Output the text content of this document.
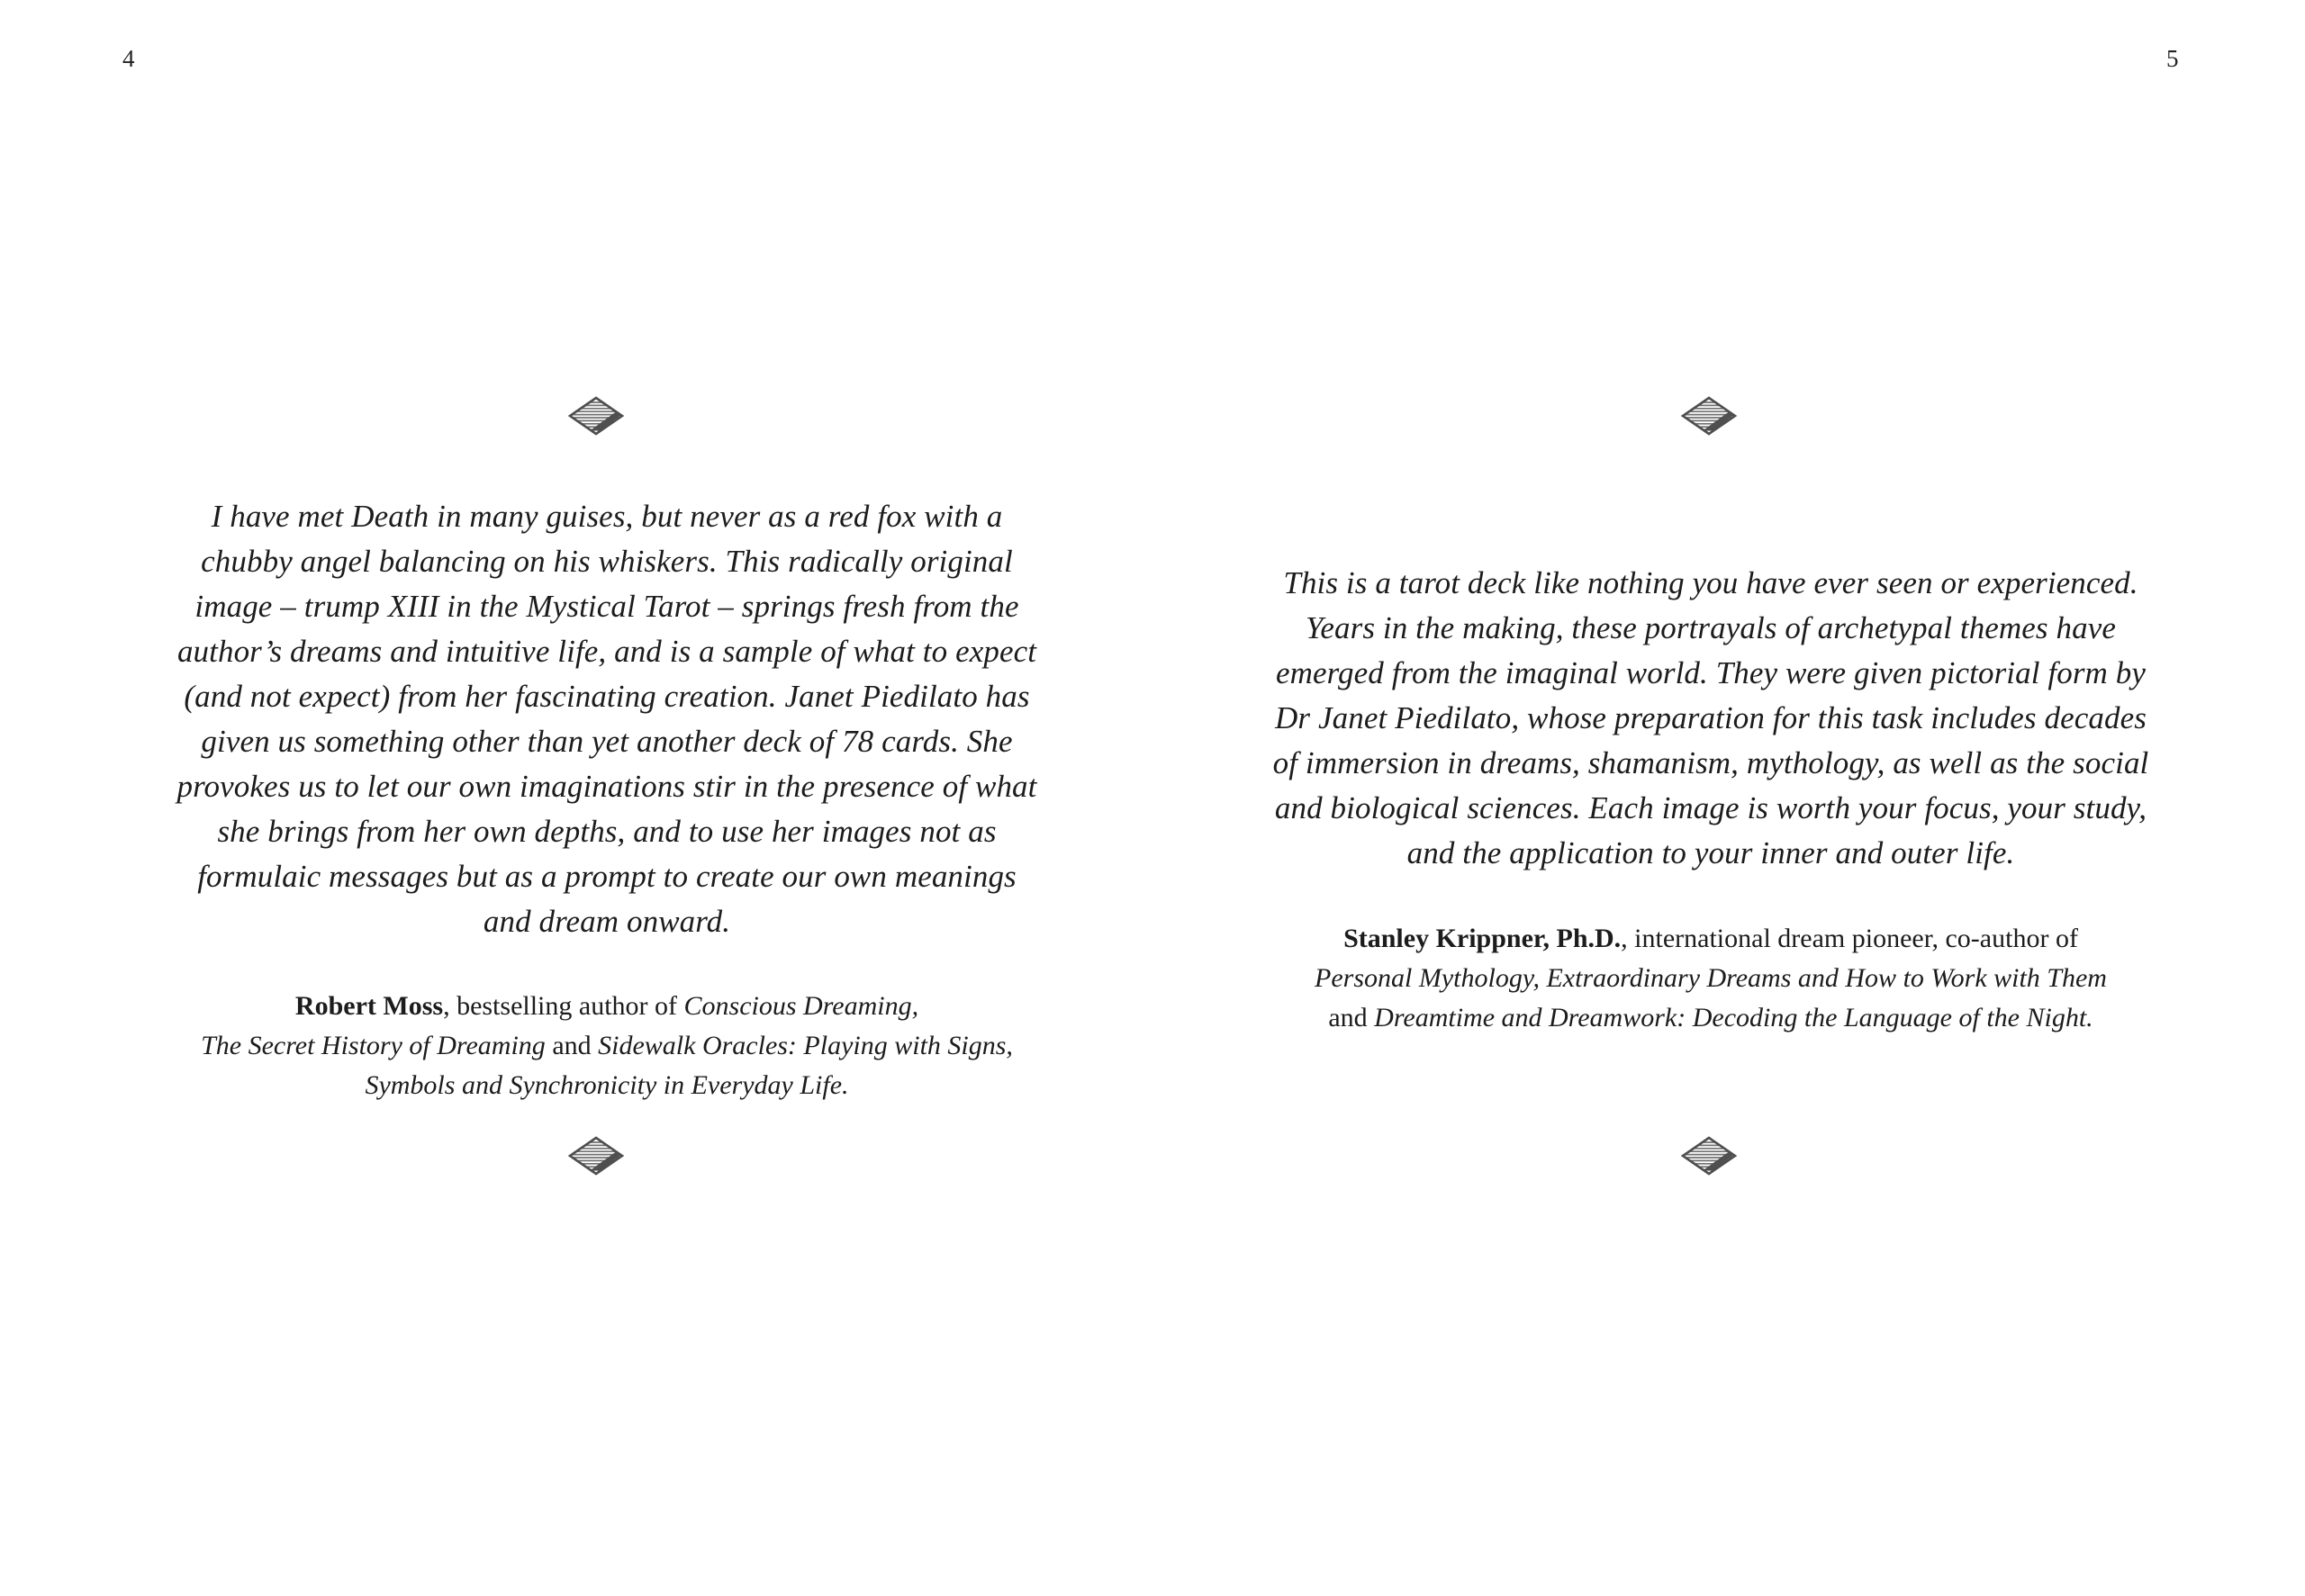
4
I have met Death in many guises, but never as a red fox with a
chubby angel balancing on his whiskers. This radically original
image – trump XIII in the Mystical Tarot – springs fresh from the
author’s dreams and intuitive life, and is a sample of what to expect
(and not expect) from her fascinating creation. Janet Piedilato has
given us something other than yet another deck of 78 cards. She
provokes us to let our own imaginations stir in the presence of what
she brings from her own depths, and to use her images not as
formulaic messages but as a prompt to create our own meanings
and dream onward.
Robert Moss, bestselling author of Conscious Dreaming,
The Secret History of Dreaming and Sidewalk Oracles: Playing with Signs,
Symbols and Synchronicity in Everyday Life.
5
This is a tarot deck like nothing you have ever seen or experienced.
Years in the making, these portrayals of archetypal themes have
emerged from the imaginal world. They were given pictorial form by
Dr Janet Piedilato, whose preparation for this task includes decades
of immersion in dreams, shamanism, mythology, as well as the social
and biological sciences. Each image is worth your focus, your study,
and the application to your inner and outer life.
Stanley Krippner, Ph.D., international dream pioneer, co-author of
Personal Mythology, Extraordinary Dreams and How to Work with Them
and Dreamtime and Dreamwork: Decoding the Language of the Night.
